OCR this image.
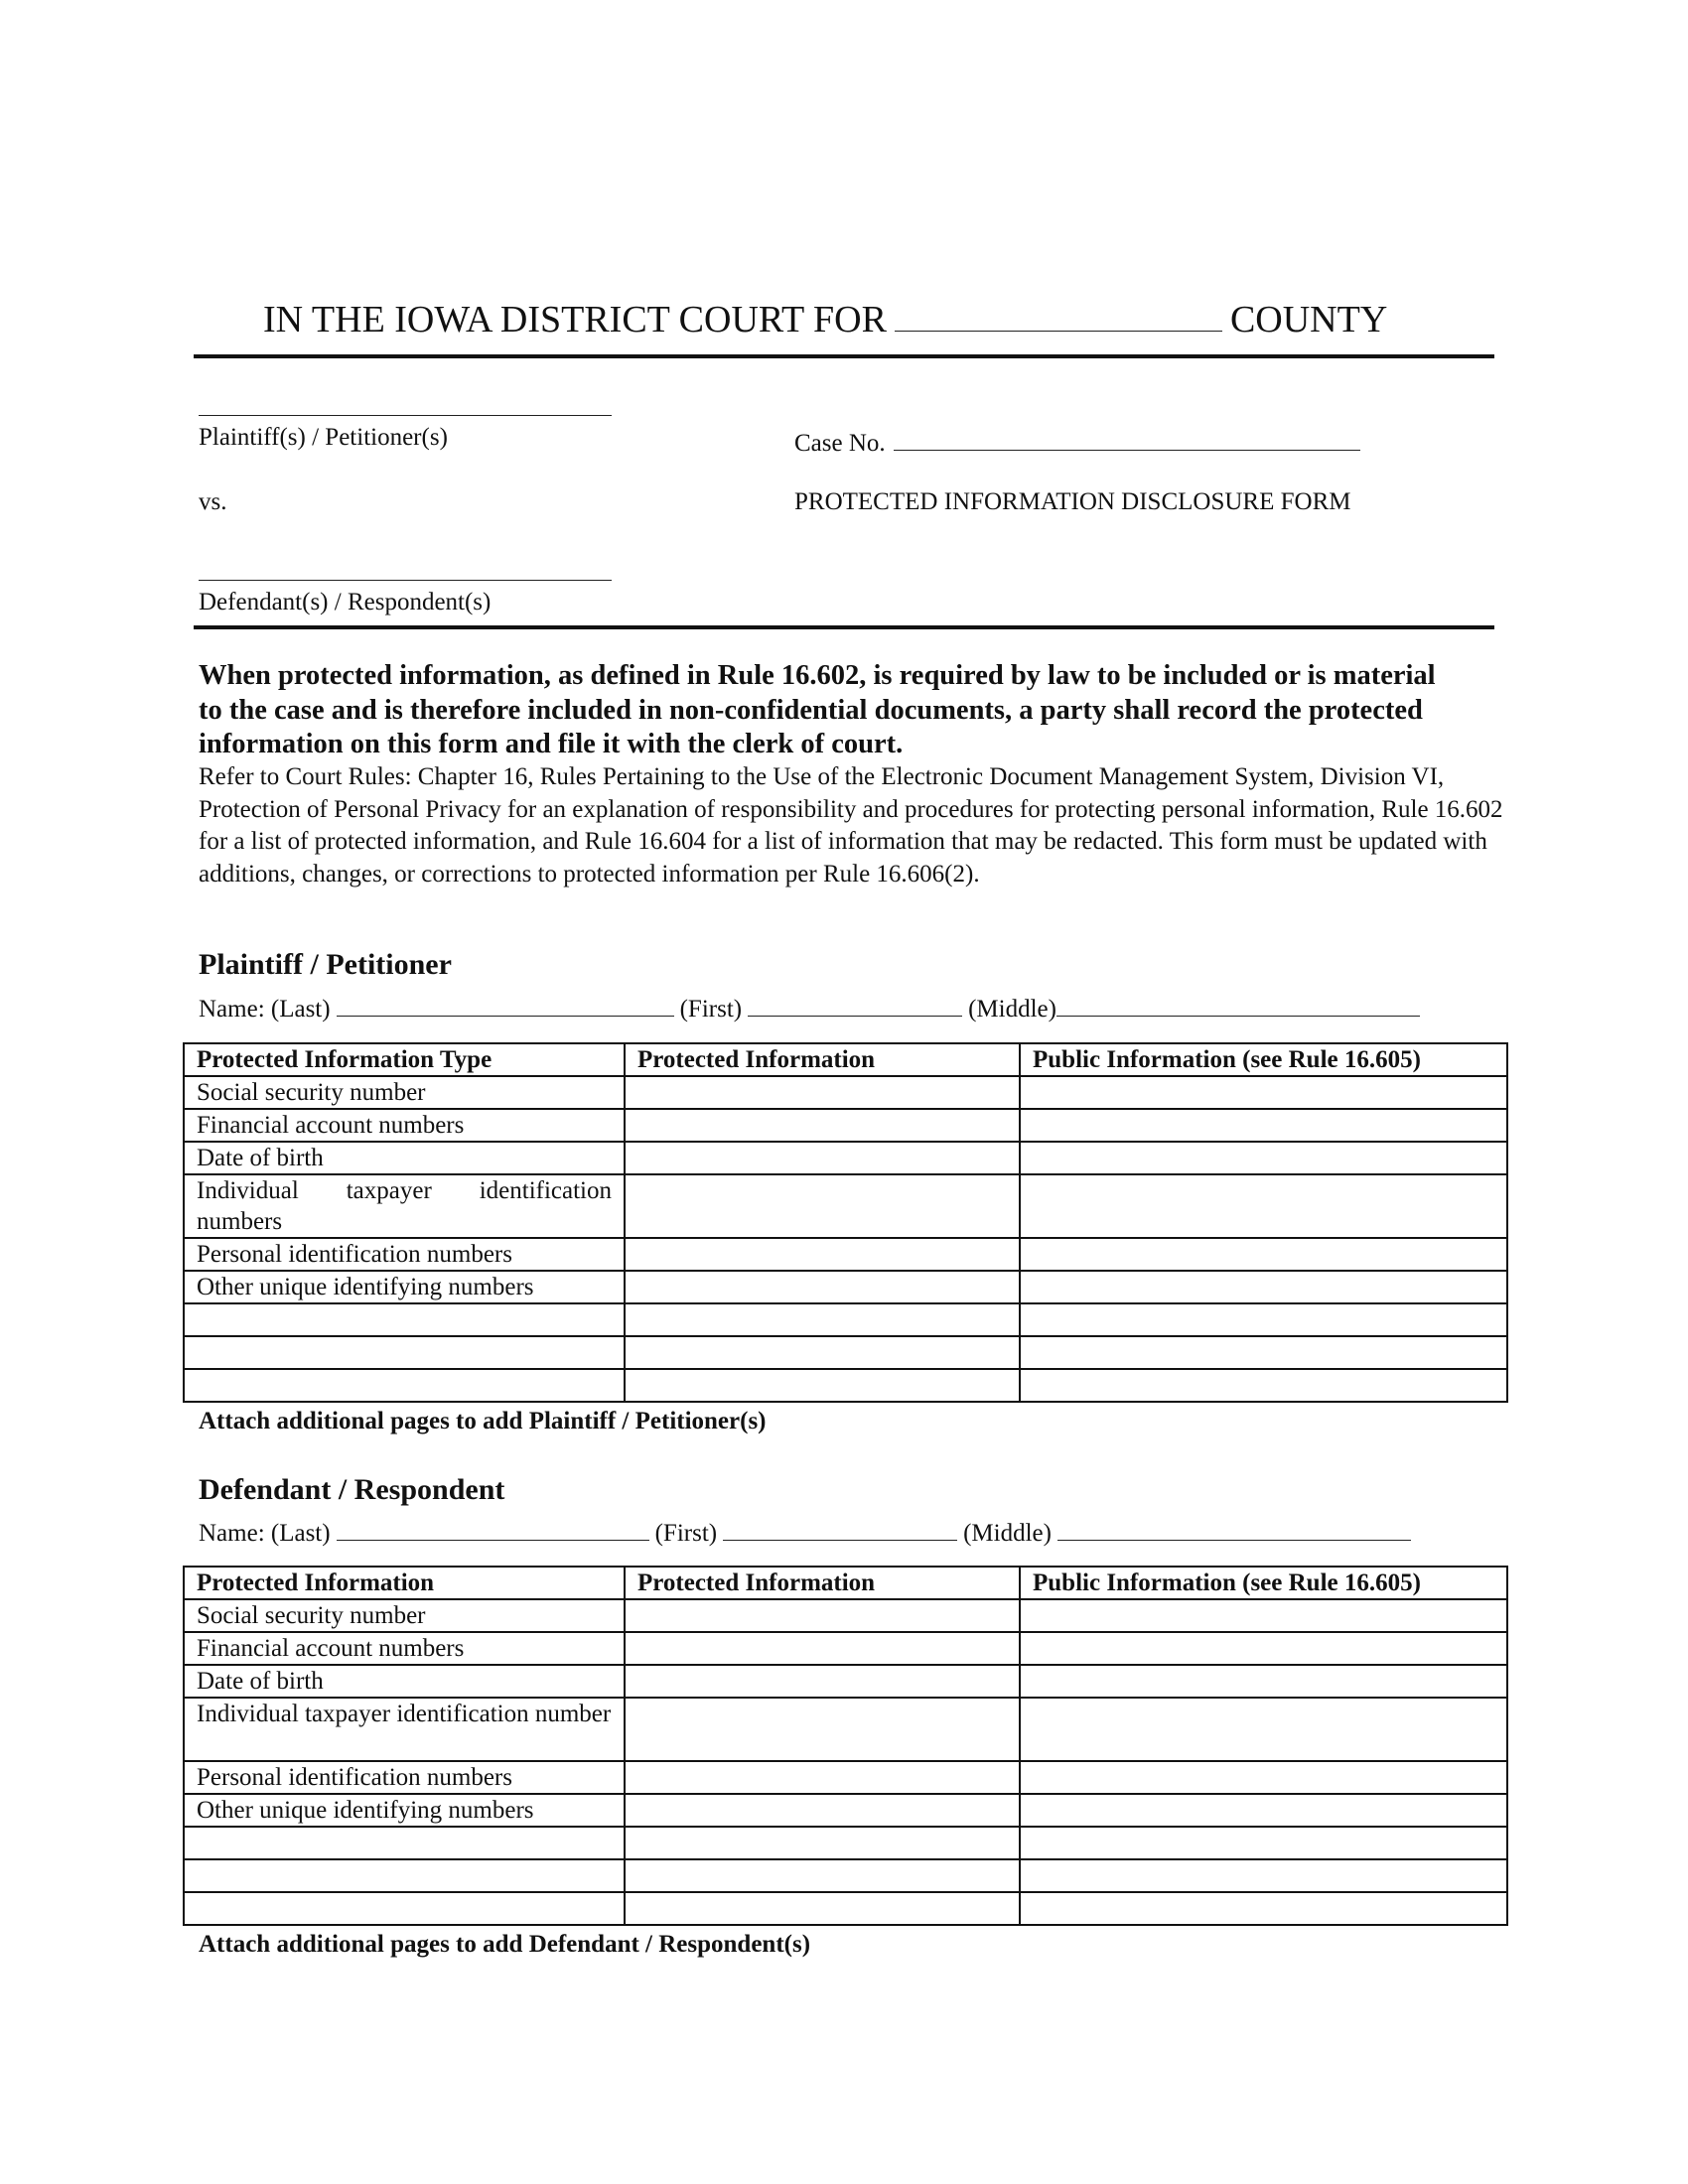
IN THE IOWA DISTRICT COURT FOR	COUNTY
Plaintiff(s) / Petitioner(s)	Case No.
vs.	PROTECTED INFORMATION DISCLOSURE FORM
Defendant(s) / Respondent(s)
When protected information, as defined in Rule 16.602, is required by law to be included or is material to the case and is therefore included in non-confidential documents, a party shall record the protected information on this form and file it with the clerk of court.
Refer to Court Rules: Chapter 16, Rules Pertaining to the Use of the Electronic Document Management System, Division VI, Protection of Personal Privacy for an explanation of responsibility and procedures for protecting personal information, Rule 16.602 for a list of protected information, and Rule 16.604 for a list of information that may be redacted. This form must be updated with additions, changes, or corrections to protected information per Rule 16.606(2).
Plaintiff / Petitioner
Name: (Last)	(First)	(Middle)
Protected Information Type	Protected Information	Public Information (see Rule 16.605)
Social security number		
Financial account numbers		
Date of birth		
Individual taxpayer identification numbers		
Personal identification numbers		
Other unique identifying numbers		

Attach additional pages to add Plaintiff / Petitioner(s)
Defendant / Respondent
Name: (Last)	(First)	(Middle)
Protected Information	Protected Information	Public Information (see Rule 16.605)
Social security number		
Financial account numbers		
Date of birth		
Individual taxpayer identification number		
Personal identification numbers		
Other unique identifying numbers		

Attach additional pages to add Defendant / Respondent(s)
